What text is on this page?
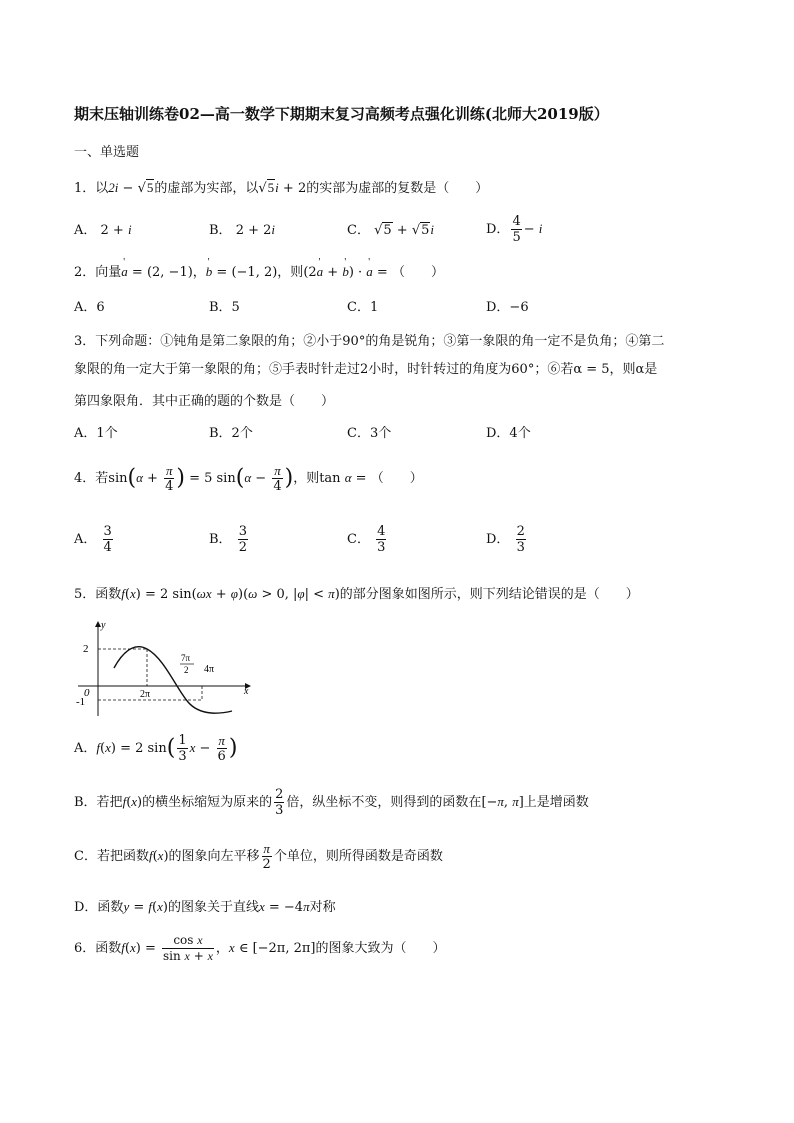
期末压轴训练卷02—高一数学下期期末复习高频考点强化训练(北师大2019版）
一、单选题
1．以2i − √5的虚部为实部，以√5i + 2的实部为虚部的复数是（　　）
A． 2 + i	B． 2 + 2i	C． √5 + √5i	D． $\frac{4}{5} - i$
2．向量' a = (2, −1)，' b = (−1, 2)，则(2' a + ' b) · ' a = （　　）
A．6	B．5	C．1	D．−6
3．下列命题：①钝角是第二象限的角；②小于90°的角是锐角；③第一象限的角一定不是负角；④第二
象限的角一定大于第一象限的角；⑤手表时针走过2小时，时针转过的角度为60°；⑥若α = 5，则α是
第四象限角．其中正确的题的个数是（　　）
A．1个	B．2个	C．3个	D．4个
4．若$\sin(\alpha + \frac{\pi}{4}$ ) = 5 $\sin(\alpha - \frac{\pi}{4}$ )，则tan α = （　　）
A． $\frac{3}{4}$	B． $\frac{3}{2}$	C． $\frac{4}{3}$	D． $\frac{2}{3}$
5．函数f(x) = 2 sin(ωx + φ)(ω > 0, |φ| < π)的部分图象如图所示，则下列结论错误的是（　　）
y
x
2
0
-1
2π
7π
2 4π
A．f(x) = 2 $\sin( \frac{1}{3}$ $x - \frac{\pi}{6}$ )
B．若把f(x)的横坐标缩短为原来的 $\frac{2}{3}$ 倍，纵坐标不变，则得到的函数在[−π, π]上是增函数
C．若把函数f(x)的图象向左平移 $\frac{\pi}{2}$ 个单位，则所得函数是奇函数
D．函数y = f(x)的图象关于直线x = −4π对称
6．函数$f(x) = \frac{\text{cos x}}{\text{sin x + x}}$ ，x ∈ [−2π, 2π]的图象大致为（　　）
